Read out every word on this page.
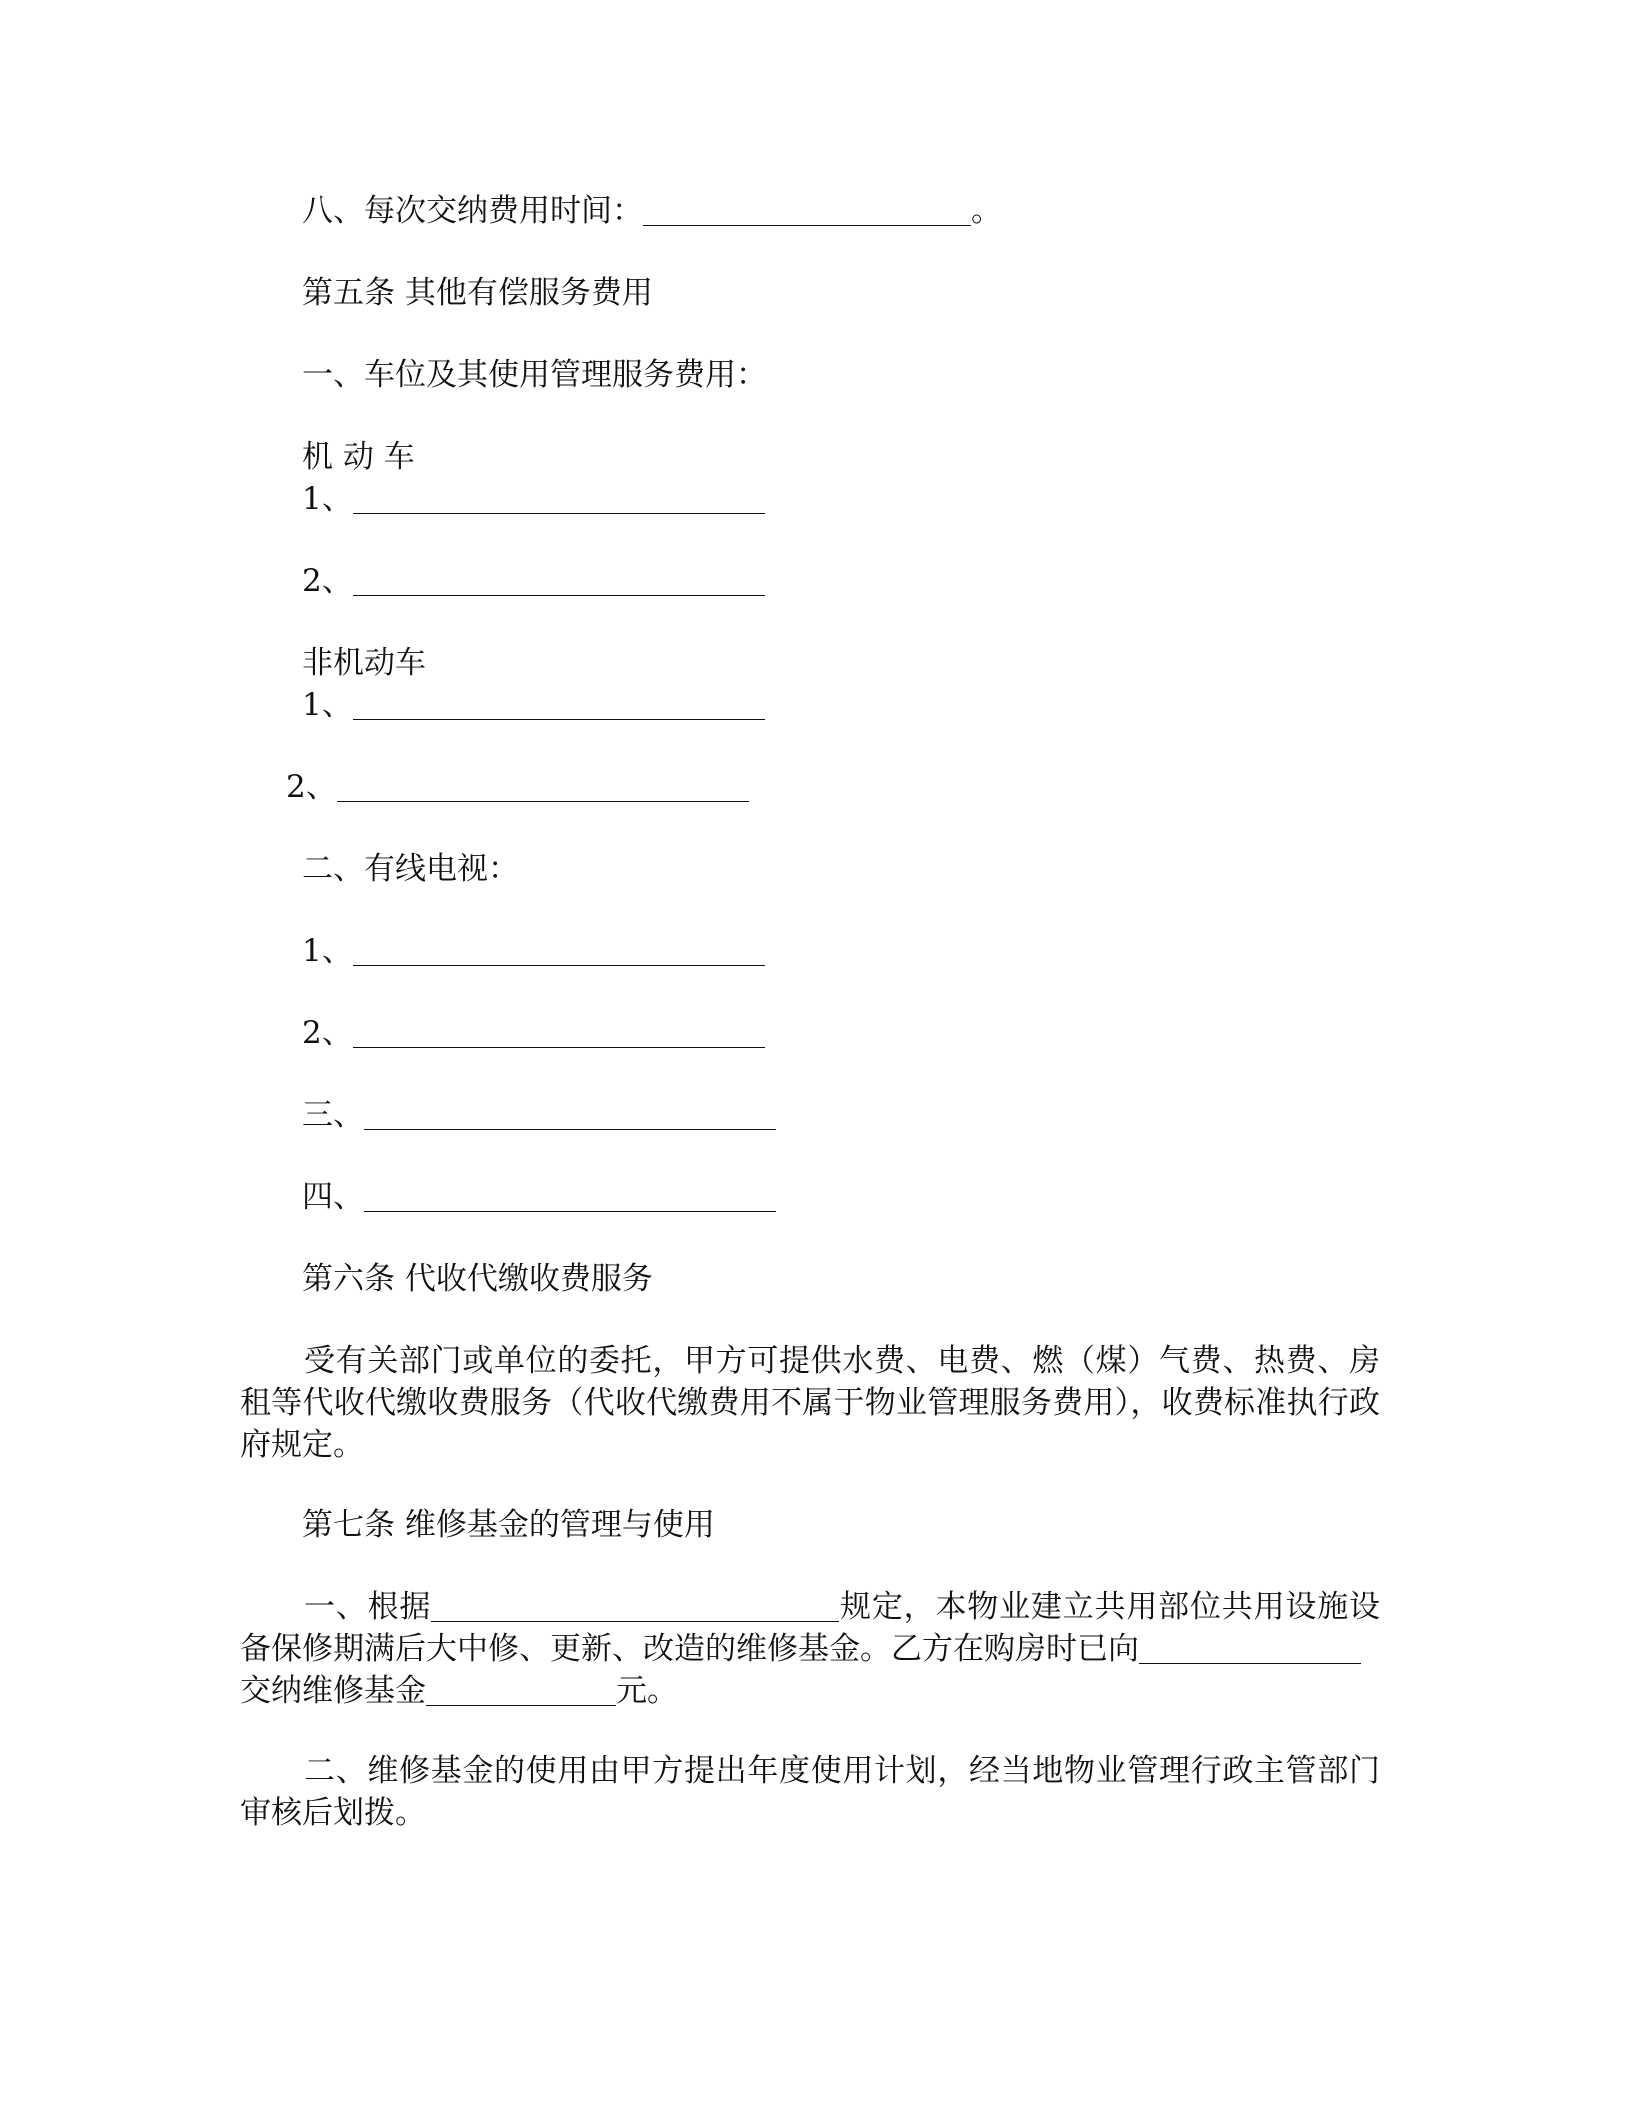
八、每次交纳费用时间：	。
第五条 其他有偿服务费用
一、车位及其使用管理服务费用：
机 动 车
1、
2、
非机动车
1、
2、
二、有线电视：
1、
2、
三、
四、
第六条 代收代缴收费服务
受有关部门或单位的委托，甲方可提供水费、电费、燃（煤）气费、热费、房租等代收代缴收费服务（代收代缴费用不属于物业管理服务费用），收费标准执行政府规定。
第七条 维修基金的管理与使用
一、根据	规定，本物业建立共用部位共用设施设备保修期满后大中修、更新、改造的维修基金。乙方在购房时已向
交纳维修基金	元。
二、维修基金的使用由甲方提出年度使用计划，经当地物业管理行政主管部门审核后划拨。
